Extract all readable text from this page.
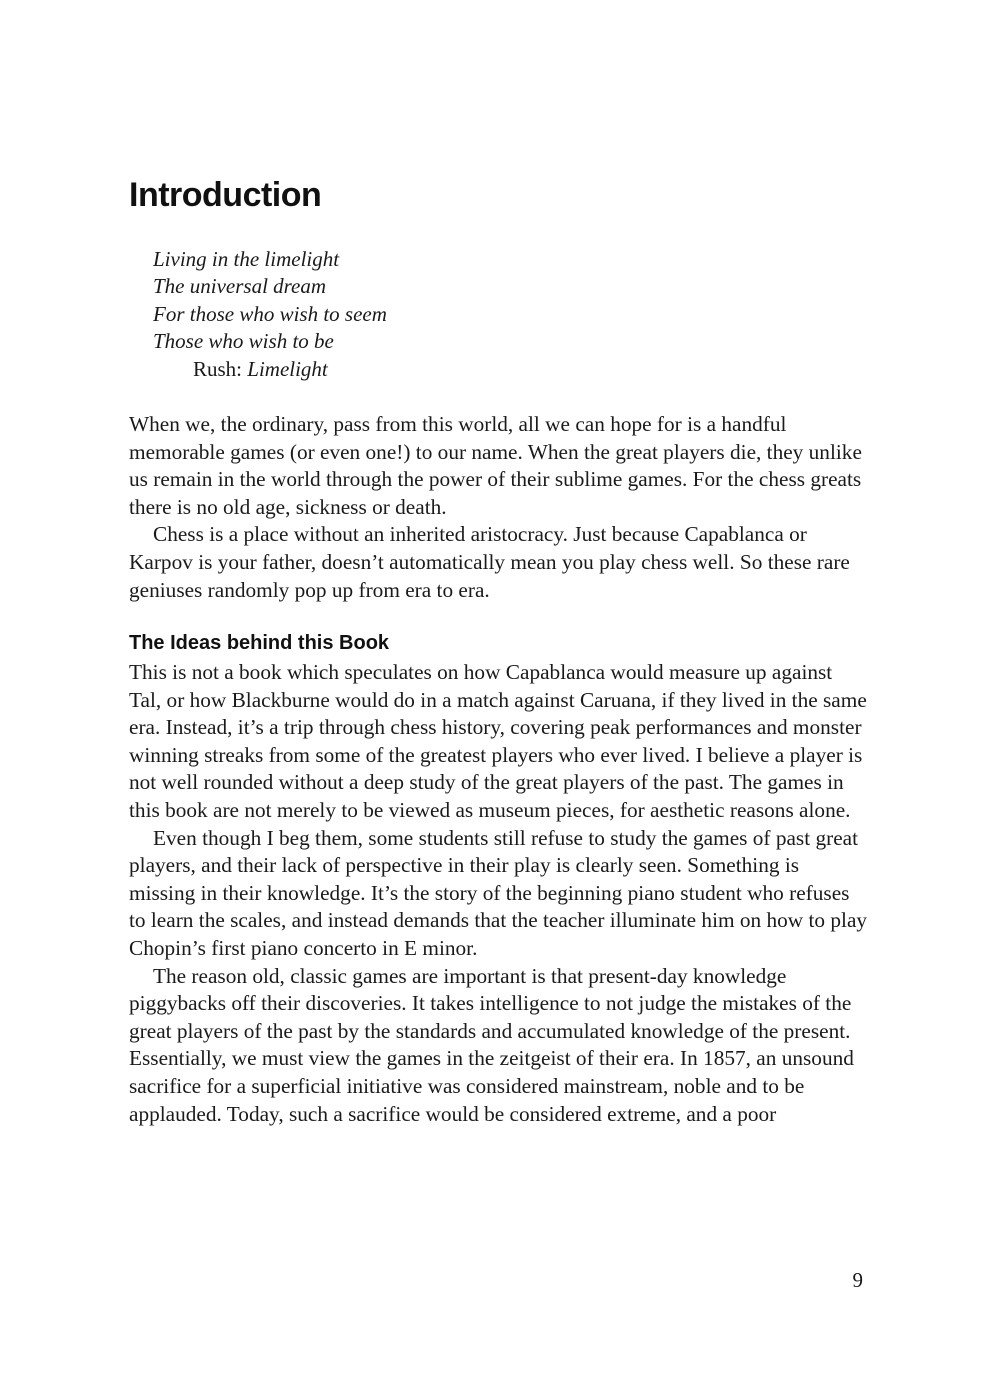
Introduction
Living in the limelight
The universal dream
For those who wish to seem
Those who wish to be
Rush: Limelight

When we, the ordinary, pass from this world, all we can hope for is a handful memorable games (or even one!) to our name. When the great players die, they unlike us remain in the world through the power of their sublime games. For the chess greats there is no old age, sickness or death.

Chess is a place without an inherited aristocracy. Just because Capablanca or Karpov is your father, doesn’t automatically mean you play chess well. So these rare geniuses randomly pop up from era to era.

The Ideas behind this Book

This is not a book which speculates on how Capablanca would measure up against Tal, or how Blackburne would do in a match against Caruana, if they lived in the same era. Instead, it’s a trip through chess history, covering peak performances and monster winning streaks from some of the greatest players who ever lived. I believe a player is not well rounded without a deep study of the great players of the past. The games in this book are not merely to be viewed as museum pieces, for aesthetic reasons alone.

Even though I beg them, some students still refuse to study the games of past great players, and their lack of perspective in their play is clearly seen. Something is missing in their knowledge. It’s the story of the beginning piano student who refuses to learn the scales, and instead demands that the teacher illuminate him on how to play Chopin’s first piano concerto in E minor.

The reason old, classic games are important is that present-day knowledge piggybacks off their discoveries. It takes intelligence to not judge the mistakes of the great players of the past by the standards and accumulated knowledge of the present. Essentially, we must view the games in the zeitgeist of their era. In 1857, an unsound sacrifice for a superficial initiative was considered mainstream, noble and to be applauded. Today, such a sacrifice would be considered extreme, and a poor

9
